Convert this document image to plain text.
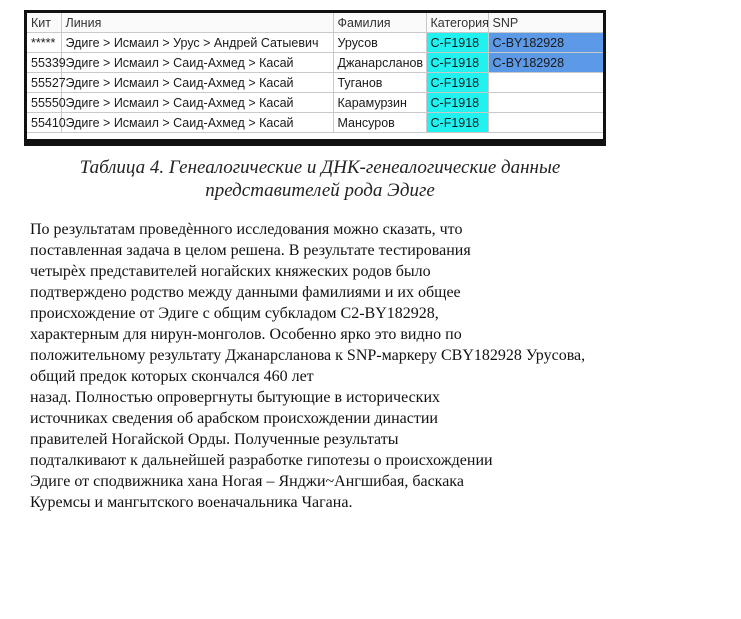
Кит	Линия	Фамилия	Категория	SNP
*****	Эдиге > Исмаил > Урус > Андрей Сатыевич	Урусов	C-F1918	C-BY182928
55339	Эдиге > Исмаил > Саид-Ахмед > Касай	Джанарсланов	C-F1918	C-BY182928
55527	Эдиге > Исмаил > Саид-Ахмед > Касай	Туганов	C-F1918	
55550	Эдиге > Исмаил > Саид-Ахмед > Касай	Карамурзин	C-F1918	
55410	Эдиге > Исмаил > Саид-Ахмед > Касай	Мансуров	C-F1918	
Таблица 4. Генеалогические и ДНК-генеалогические данные
представителей рода Эдиге
По результатам проведѐнного исследования можно сказать, что
поставленная задача в целом решена. В результате тестирования
четырѐх представителей ногайских княжеских родов было
подтверждено родство между данными фамилиями и их общее
происхождение от Эдиге с общим субкладом C2-BY182928,
характерным для нирун-монголов. Особенно ярко это видно по
положительному результату Джанарсланова к SNP-маркеру CBY182928 Урусова,
общий предок которых скончался 460 лет
назад. Полностью опровергнуты бытующие в исторических
источниках сведения об арабском происхождении династии
правителей Ногайской Орды. Полученные результаты
подталкивают к дальнейшей разработке гипотезы о происхождении
Эдиге от сподвижника хана Ногая – Янджи~Ангшибая, баскака
Куремсы и мангытского военачальника Чагана.
